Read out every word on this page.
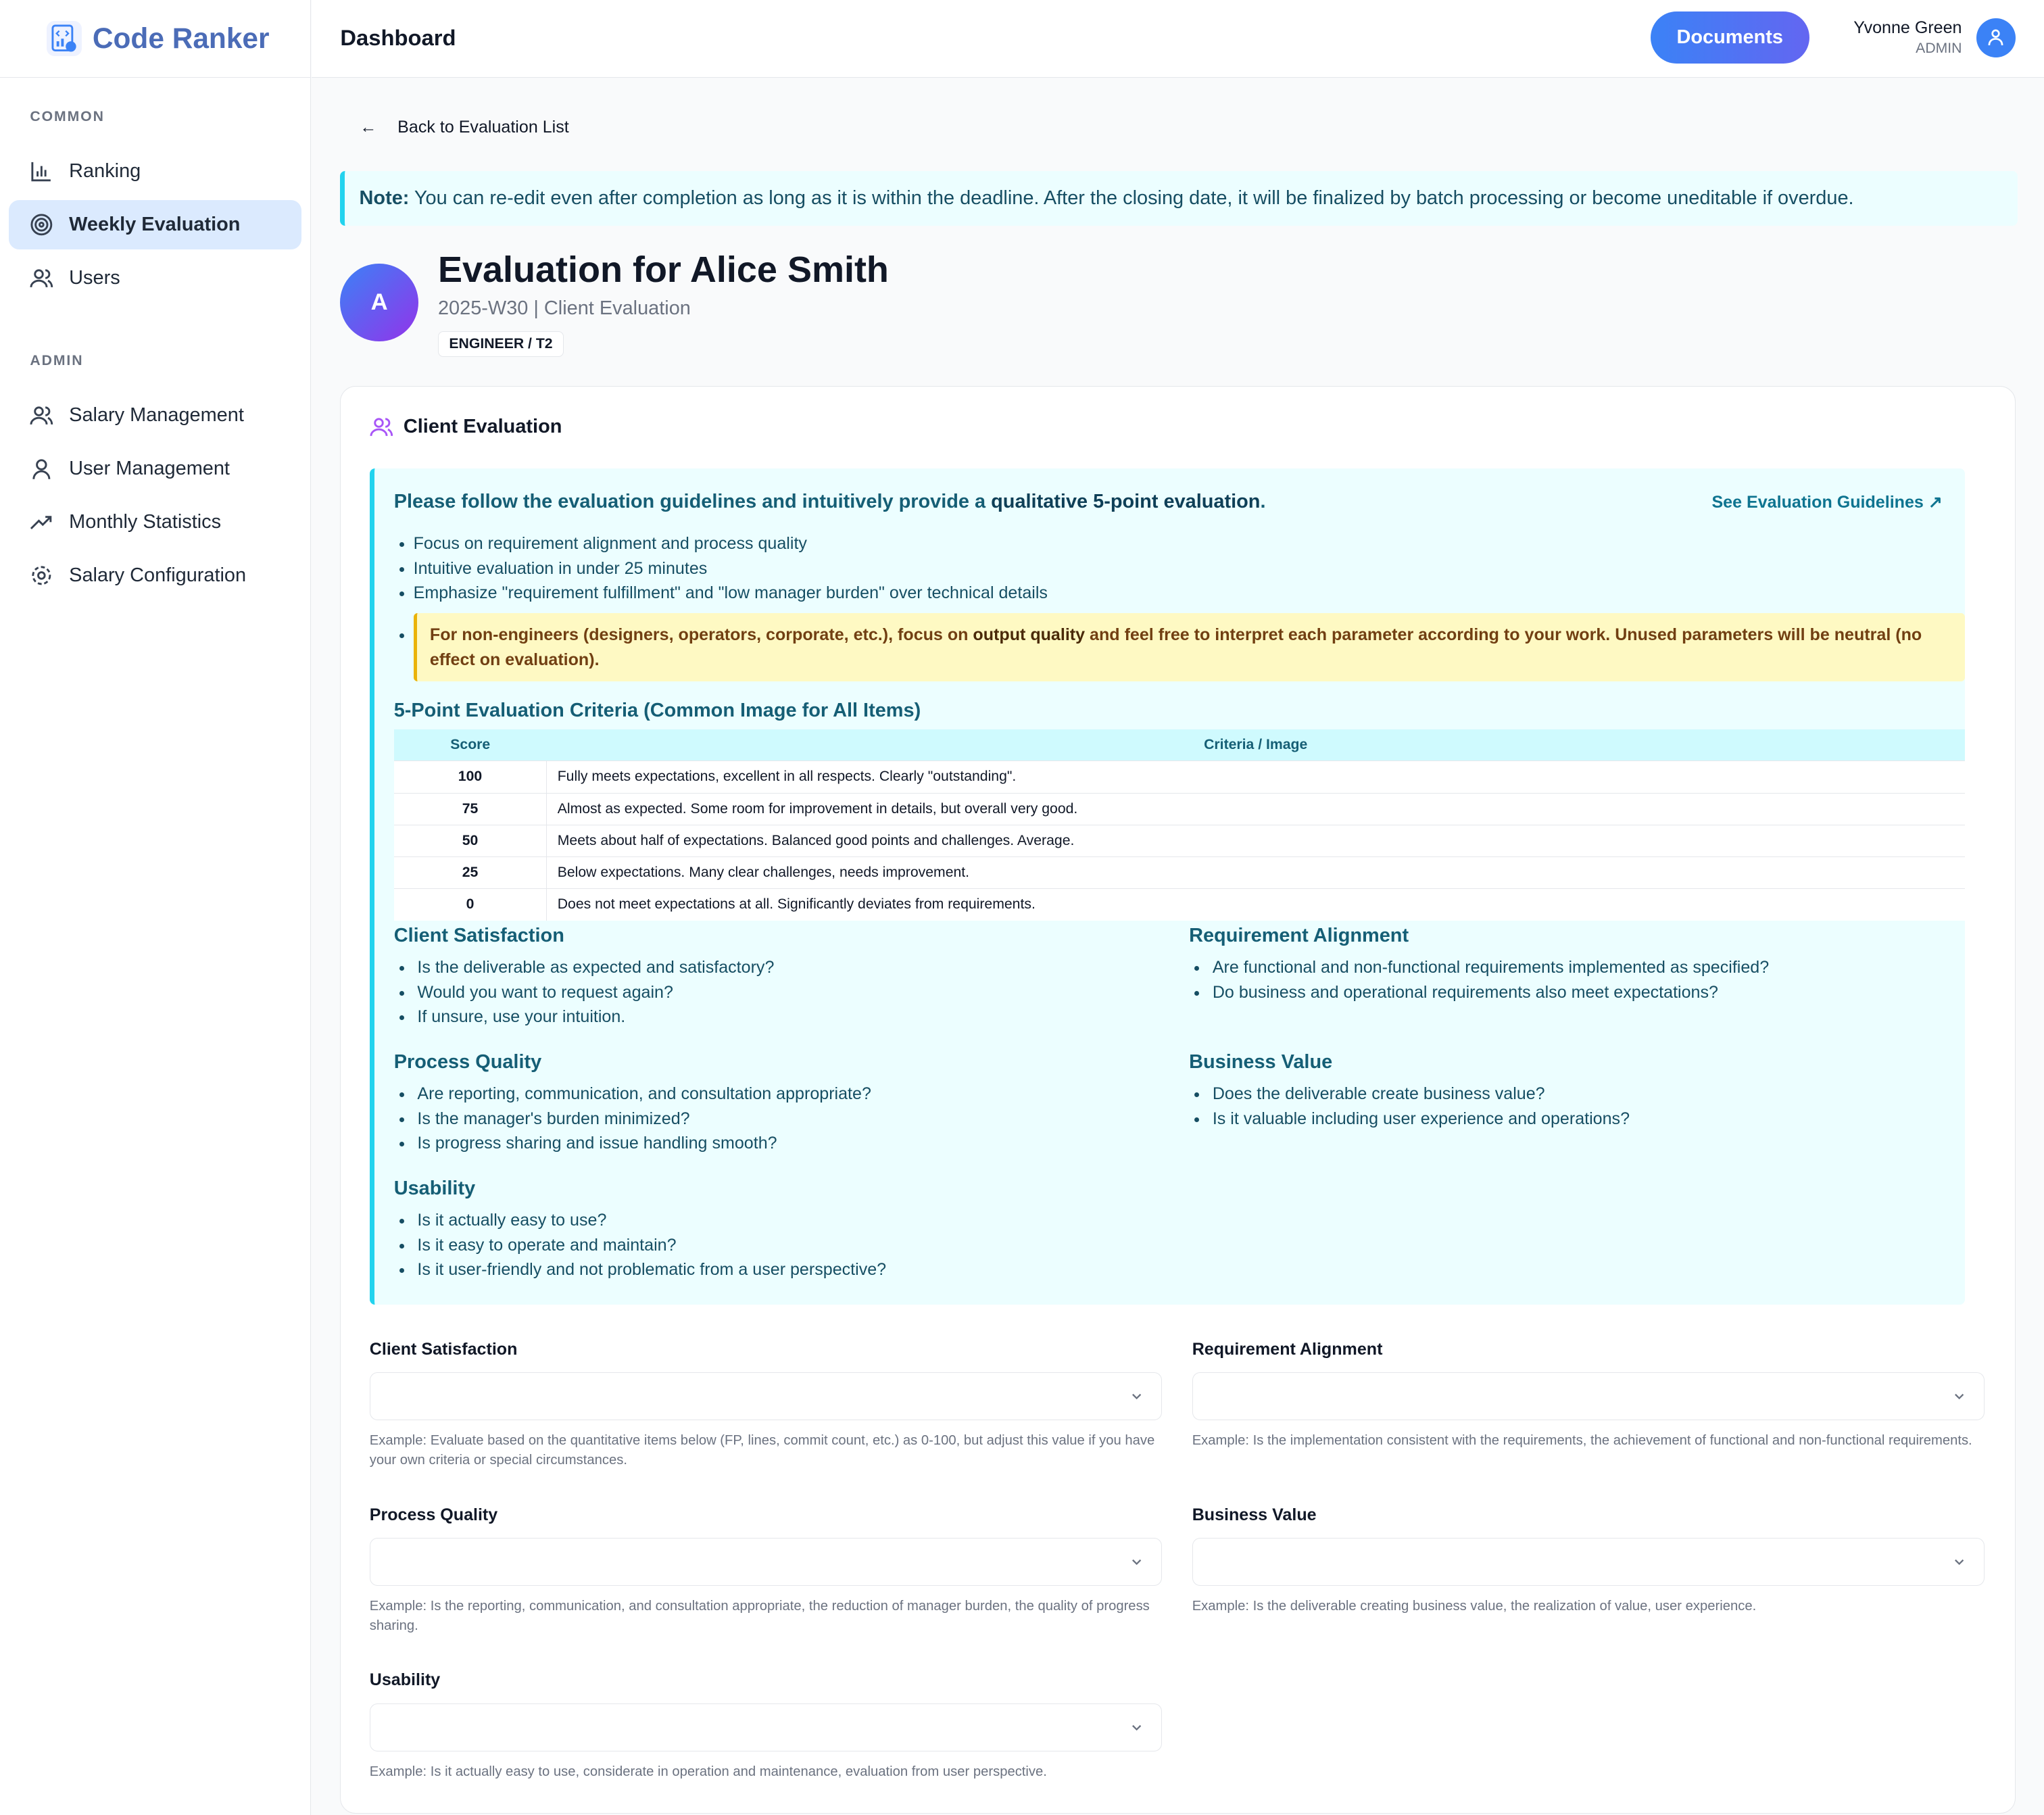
Code Ranker
COMMON
Ranking
Weekly Evaluation
Users
ADMIN
Salary Management
User Management
Monthly Statistics
Salary Configuration
Dashboard	Documents	Yvonne Green
ADMIN
← Back to Evaluation List
Note: You can re-edit even after completion as long as it is within the deadline. After the closing date, it will be finalized by batch processing or become uneditable if overdue.
A
Evaluation for Alice Smith
2025-W30 | Client Evaluation
ENGINEER / T2
Client Evaluation
Please follow the evaluation guidelines and intuitively provide a qualitative 5-point evaluation.	See Evaluation Guidelines ↗
• Focus on requirement alignment and process quality
• Intuitive evaluation in under 25 minutes
• Emphasize "requirement fulfillment" and "low manager burden" over technical details
• For non-engineers (designers, operators, corporate, etc.), focus on output quality and feel free to interpret each parameter according to your work. Unused parameters will be neutral (no effect on evaluation).
5-Point Evaluation Criteria (Common Image for All Items)
Score	Criteria / Image
100	Fully meets expectations, excellent in all respects. Clearly "outstanding".
75	Almost as expected. Some room for improvement in details, but overall very good.
50	Meets about half of expectations. Balanced good points and challenges. Average.
25	Below expectations. Many clear challenges, needs improvement.
0	Does not meet expectations at all. Significantly deviates from requirements.
Client Satisfaction
• Is the deliverable as expected and satisfactory?
• Would you want to request again?
• If unsure, use your intuition.
Requirement Alignment
• Are functional and non-functional requirements implemented as specified?
• Do business and operational requirements also meet expectations?
Process Quality
• Are reporting, communication, and consultation appropriate?
• Is the manager's burden minimized?
• Is progress sharing and issue handling smooth?
Business Value
• Does the deliverable create business value?
• Is it valuable including user experience and operations?
Usability
• Is it actually easy to use?
• Is it easy to operate and maintain?
• Is it user-friendly and not problematic from a user perspective?
Client Satisfaction
Example: Evaluate based on the quantitative items below (FP, lines, commit count, etc.) as 0-100, but adjust this value if you have your own criteria or special circumstances.
Requirement Alignment
Example: Is the implementation consistent with the requirements, the achievement of functional and non-functional requirements.
Process Quality
Example: Is the reporting, communication, and consultation appropriate, the reduction of manager burden, the quality of progress sharing.
Business Value
Example: Is the deliverable creating business value, the realization of value, user experience.
Usability
Example: Is it actually easy to use, considerate in operation and maintenance, evaluation from user perspective.
